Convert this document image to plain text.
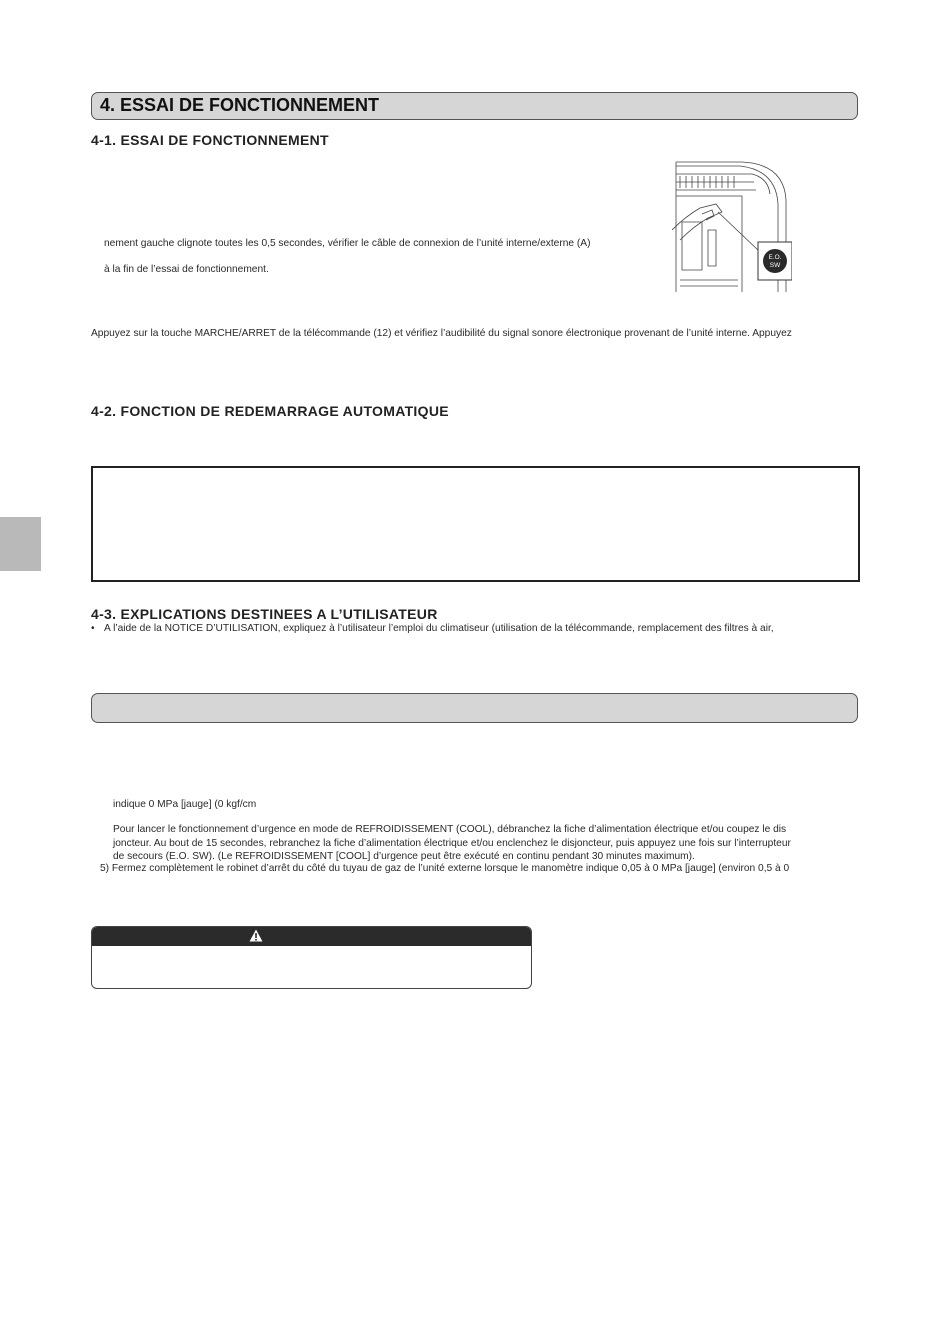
4. ESSAI DE FONCTIONNEMENT
4-1. ESSAI DE FONCTIONNEMENT
nement gauche clignote toutes les 0,5 secondes, vérifier le câble de connexion de l’unité interne/externe (A)
à la fin de l’essai de fonctionnement.
E.O.
SW
Appuyez sur la touche MARCHE/ARRET de la télécommande (12) et vérifiez l’audibilité du signal sonore électronique provenant de l’unité interne. Appuyez
4-2. FONCTION DE REDEMARRAGE AUTOMATIQUE
4-3. EXPLICATIONS DESTINEES A L’UTILISATEUR
• A l’aide de la NOTICE D’UTILISATION, expliquez à l’utilisateur l’emploi du climatiseur (utilisation de la télécommande, remplacement des filtres à air,
indique 0 MPa [jauge] (0 kgf/cm
Pour lancer le fonctionnement d’urgence en mode de REFROIDISSEMENT (COOL), débranchez la fiche d’alimentation électrique et/ou coupez le dis
joncteur. Au bout de 15 secondes, rebranchez la fiche d’alimentation électrique et/ou enclenchez le disjoncteur, puis appuyez une fois sur l’interrupteur
de secours (E.O. SW). (Le REFROIDISSEMENT [COOL] d’urgence peut être exécuté en continu pendant 30 minutes maximum).
5) Fermez complètement le robinet d’arrêt du côté du tuyau de gaz de l’unité externe lorsque le manomètre indique 0,05 à 0 MPa [jauge] (environ 0,5 à 0
